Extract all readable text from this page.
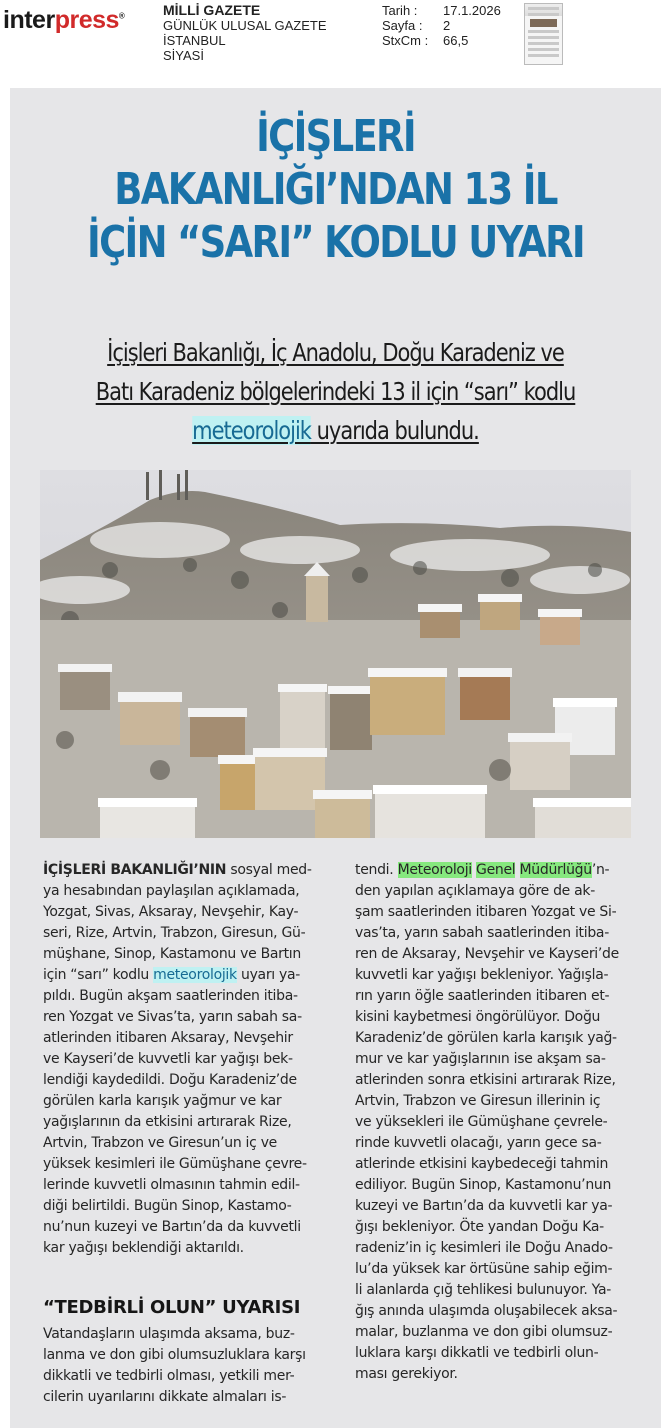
interpress®	MİLLİ GAZETE
GÜNLÜK ULUSAL GAZETE
İSTANBUL
SİYASİ
Tarih : 17.1.2026
Sayfa : 2
StxCm : 66,5
İÇİŞLERİ
BAKANLIĞI’NDAN 13 İL
İÇİN “SARI” KODLU UYARI
İçişleri Bakanlığı, İç Anadolu, Doğu Karadeniz ve
Batı Karadeniz bölgelerindeki 13 il için “sarı” kodlu
meteorolojik uyarıda bulundu.
İÇİŞLERİ BAKANLIĞI’NIN sosyal med-
ya hesabından paylaşılan açıklamada,
Yozgat, Sivas, Aksaray, Nevşehir, Kay-
seri, Rize, Artvin, Trabzon, Giresun, Gü-
müşhane, Sinop, Kastamonu ve Bartın
için “sarı” kodlu meteorolojik uyarı ya-
pıldı. Bugün akşam saatlerinden itiba-
ren Yozgat ve Sivas’ta, yarın sabah sa-
atlerinden itibaren Aksaray, Nevşehir
ve Kayseri’de kuvvetli kar yağışı bek-
lendiği kaydedildi. Doğu Karadeniz’de
görülen karla karışık yağmur ve kar
yağışlarının da etkisini artırarak Rize,
Artvin, Trabzon ve Giresun’un iç ve
yüksek kesimleri ile Gümüşhane çevre-
lerinde kuvvetli olmasının tahmin edil-
diği belirtildi. Bugün Sinop, Kastamo-
nu’nun kuzeyi ve Bartın’da da kuvvetli
kar yağışı beklendiği aktarıldı.
“TEDBİRLİ OLUN” UYARISI
Vatandaşların ulaşımda aksama, buz-
lanma ve don gibi olumsuzluklara karşı
dikkatli ve tedbirli olması, yetkili mer-
cilerin uyarılarını dikkate almaları is-
tendi. Meteoroloji Genel Müdürlüğü’n-
den yapılan açıklamaya göre de ak-
şam saatlerinden itibaren Yozgat ve Si-
vas’ta, yarın sabah saatlerinden itiba-
ren de Aksaray, Nevşehir ve Kayseri’de
kuvvetli kar yağışı bekleniyor. Yağışla-
rın yarın öğle saatlerinden itibaren et-
kisini kaybetmesi öngörülüyor. Doğu
Karadeniz’de görülen karla karışık yağ-
mur ve kar yağışlarının ise akşam sa-
atlerinden sonra etkisini artırarak Rize,
Artvin, Trabzon ve Giresun illerinin iç
ve yüksekleri ile Gümüşhane çevrele-
rinde kuvvetli olacağı, yarın gece sa-
atlerinde etkisini kaybedeceği tahmin
ediliyor. Bugün Sinop, Kastamonu’nun
kuzeyi ve Bartın’da da kuvvetli kar ya-
ğışı bekleniyor. Öte yandan Doğu Ka-
radeniz’in iç kesimleri ile Doğu Anado-
lu’da yüksek kar örtüsüne sahip eğim-
li alanlarda çığ tehlikesi bulunuyor. Ya-
ğış anında ulaşımda oluşabilecek aksa-
malar, buzlanma ve don gibi olumsuz-
luklara karşı dikkatli ve tedbirli olun-
ması gerekiyor.
